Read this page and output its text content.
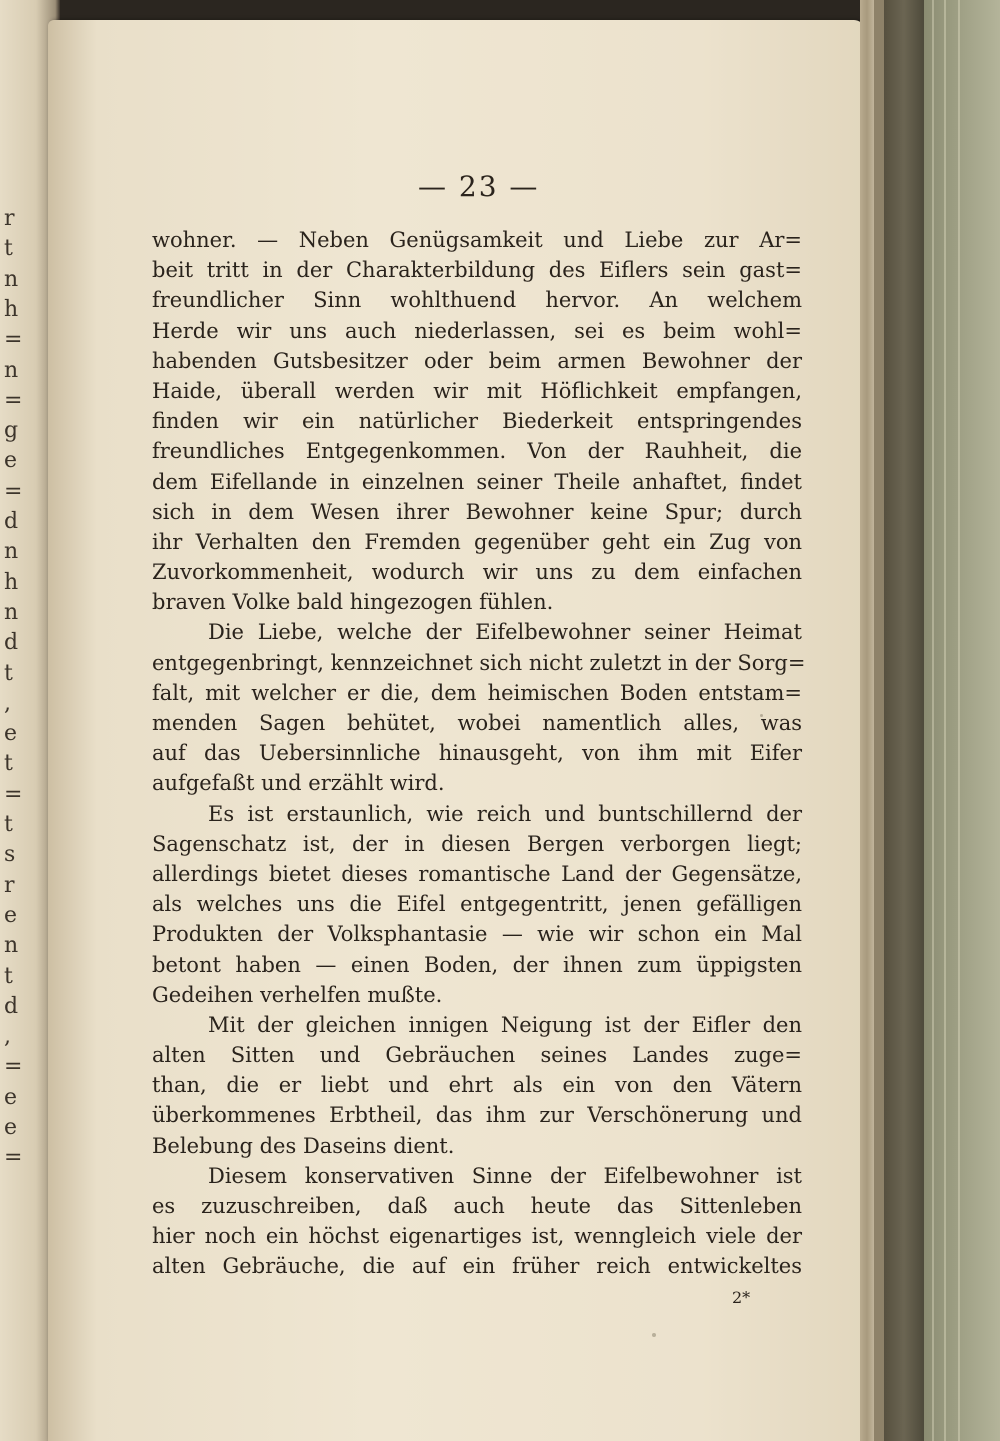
r
t
n
h
=
n
=
g
e
=
d
n
h
n
d
t
,
e
t
=
t
s
r
e
n
t
d
,
=
e
e
=
— 23 —
wohner. — Neben Genügsamkeit und Liebe zur Ar=
beit tritt in der Charakterbildung des Eiflers sein gast=
freundlicher Sinn wohlthuend hervor. An welchem
Herde wir uns auch niederlassen, sei es beim wohl=
habenden Gutsbesitzer oder beim armen Bewohner der
Haide, überall werden wir mit Höflichkeit empfangen,
finden wir ein natürlicher Biederkeit entspringendes
freundliches Entgegenkommen. Von der Rauhheit, die
dem Eifellande in einzelnen seiner Theile anhaftet, findet
sich in dem Wesen ihrer Bewohner keine Spur; durch
ihr Verhalten den Fremden gegenüber geht ein Zug von
Zuvorkommenheit, wodurch wir uns zu dem einfachen
braven Volke bald hingezogen fühlen.
Die Liebe, welche der Eifelbewohner seiner Heimat
entgegenbringt, kennzeichnet sich nicht zuletzt in der Sorg=
falt, mit welcher er die, dem heimischen Boden entstam=
menden Sagen behütet, wobei namentlich alles, was
auf das Uebersinnliche hinausgeht, von ihm mit Eifer
aufgefaßt und erzählt wird.
Es ist erstaunlich, wie reich und buntschillernd der
Sagenschatz ist, der in diesen Bergen verborgen liegt;
allerdings bietet dieses romantische Land der Gegensätze,
als welches uns die Eifel entgegentritt, jenen gefälligen
Produkten der Volksphantasie — wie wir schon ein Mal
betont haben — einen Boden, der ihnen zum üppigsten
Gedeihen verhelfen mußte.
Mit der gleichen innigen Neigung ist der Eifler den
alten Sitten und Gebräuchen seines Landes zuge=
than, die er liebt und ehrt als ein von den Vätern
überkommenes Erbtheil, das ihm zur Verschönerung und
Belebung des Daseins dient.
Diesem konservativen Sinne der Eifelbewohner ist
es zuzuschreiben, daß auch heute das Sittenleben
hier noch ein höchst eigenartiges ist, wenngleich viele der
alten Gebräuche, die auf ein früher reich entwickeltes
2*
